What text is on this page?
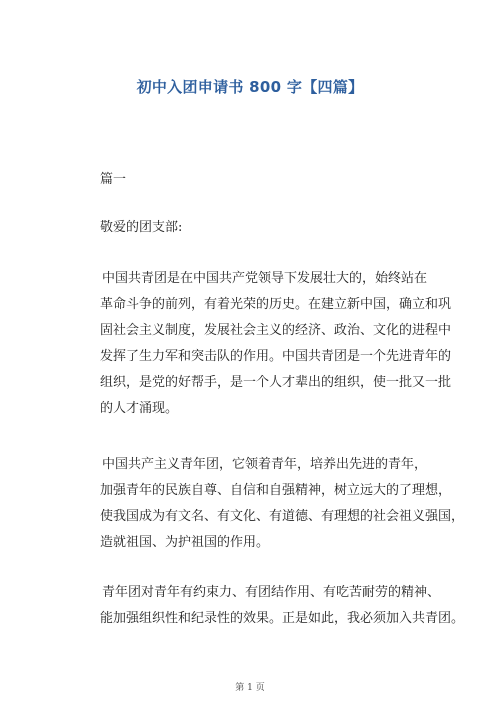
初中入团申请书 800 字【四篇】
篇一
敬爱的团支部:
中国共青团是在中国共产党领导下发展壮大的，始终站在
革命斗争的前列，有着光荣的历史。在建立新中国，确立和巩
固社会主义制度，发展社会主义的经济、政治、文化的进程中
发挥了生力军和突击队的作用。中国共青团是一个先进青年的
组织，是党的好帮手，是一个人才辈出的组织，使一批又一批
的人才涌现。
中国共产主义青年团，它领着青年，培养出先进的青年，
加强青年的民族自尊、自信和自强精神，树立远大的了理想，
使我国成为有文名、有文化、有道德、有理想的社会祖义强国，
造就祖国、为护祖国的作用。
青年团对青年有约束力、有团结作用、有吃苦耐劳的精神、
能加强组织性和纪录性的效果。正是如此，我必须加入共青团。
第 1 页
